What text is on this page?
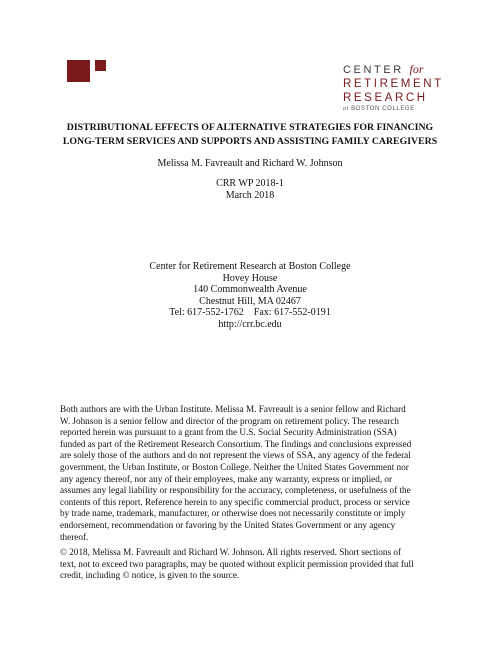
CENTER for
RETIREMENT
RESEARCH
at BOSTON COLLEGE
DISTRIBUTIONAL EFFECTS OF ALTERNATIVE STRATEGIES FOR FINANCING
LONG-TERM SERVICES AND SUPPORTS AND ASSISTING FAMILY CAREGIVERS
Melissa M. Favreault and Richard W. Johnson
CRR WP 2018-1
March 2018
Center for Retirement Research at Boston College
Hovey House
140 Commonwealth Avenue
Chestnut Hill, MA 02467
Tel: 617-552-1762    Fax: 617-552-0191
http://crr.bc.edu
Both authors are with the Urban Institute. Melissa M. Favreault is a senior fellow and Richard
W. Johnson is a senior fellow and director of the program on retirement policy. The research
reported herein was pursuant to a grant from the U.S. Social Security Administration (SSA)
funded as part of the Retirement Research Consortium. The findings and conclusions expressed
are solely those of the authors and do not represent the views of SSA, any agency of the federal
government, the Urban Institute, or Boston College. Neither the United States Government nor
any agency thereof, nor any of their employees, make any warranty, express or implied, or
assumes any legal liability or responsibility for the accuracy, completeness, or usefulness of the
contents of this report. Reference herein to any specific commercial product, process or service
by trade name, trademark, manufacturer, or otherwise does not necessarily constitute or imply
endorsement, recommendation or favoring by the United States Government or any agency
thereof.
© 2018, Melissa M. Favreault and Richard W. Johnson. All rights reserved. Short sections of
text, not to exceed two paragraphs, may be quoted without explicit permission provided that full
credit, including © notice, is given to the source.
